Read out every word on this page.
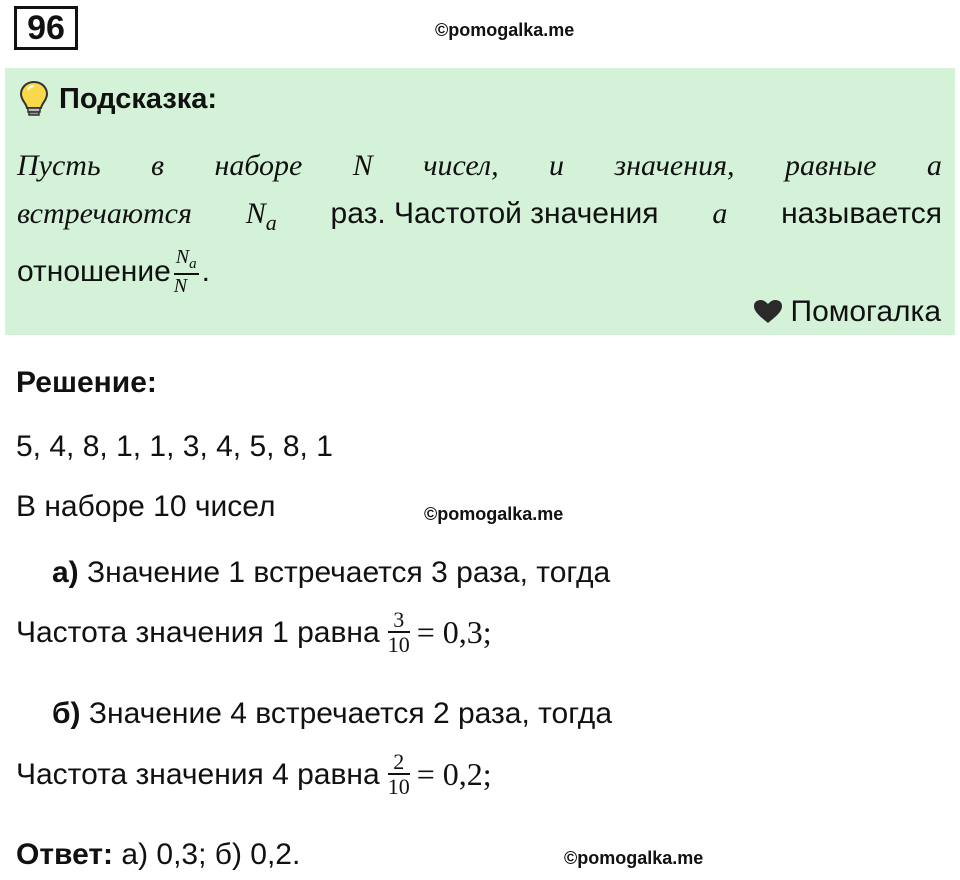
96	©pomogalka.me
Подсказка:
Пусть в наборе N чисел, и значения, равные a
встречаются $N_a$ раз. Частотой значения a называется
отношение $\frac{N_a}{N}$ .
Помогалка
Решение:
5, 4, 8, 1, 1, 3, 4, 5, 8, 1
В наборе 10 чисел	©pomogalka.me
а) Значение 1 встречается 3 раза, тогда
Частота значения 1 равна $\frac{3}{10} = 0,3$;
б) Значение 4 встречается 2 раза, тогда
Частота значения 4 равна $\frac{2}{10} = 0,2$;
Ответ: а) 0,3; б) 0,2.	©pomogalka.me
